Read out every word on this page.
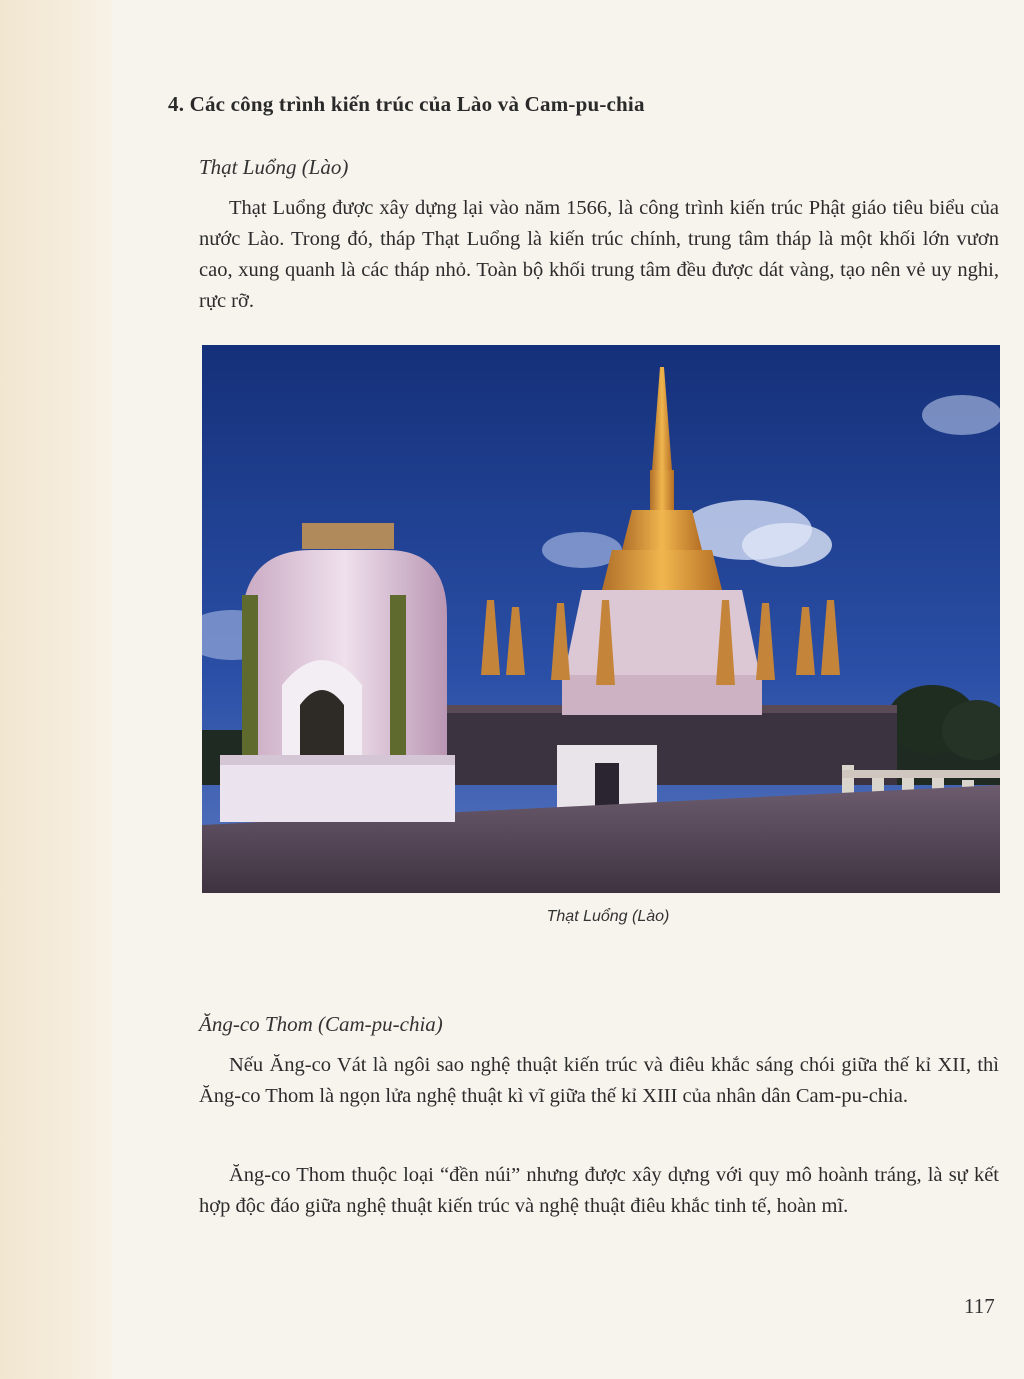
4. Các công trình kiến trúc của Lào và Cam-pu-chia

Thạt Luổng (Lào)

Thạt Luổng được xây dựng lại vào năm 1566, là công trình kiến trúc Phật giáo tiêu biểu của nước Lào. Trong đó, tháp Thạt Luổng là kiến trúc chính, trung tâm tháp là một khối lớn vươn cao, xung quanh là các tháp nhỏ. Toàn bộ khối trung tâm đều được dát vàng, tạo nên vẻ uy nghi, rực rỡ.

Thạt Luổng (Lào)

Ăng-co Thom (Cam-pu-chia)

Nếu Ăng-co Vát là ngôi sao nghệ thuật kiến trúc và điêu khắc sáng chói giữa thế kỉ XII, thì Ăng-co Thom là ngọn lửa nghệ thuật kì vĩ giữa thế kỉ XIII của nhân dân Cam-pu-chia.

Ăng-co Thom thuộc loại “đền núi” nhưng được xây dựng với quy mô hoành tráng, là sự kết hợp độc đáo giữa nghệ thuật kiến trúc và nghệ thuật điêu khắc tinh tế, hoàn mĩ.

117
